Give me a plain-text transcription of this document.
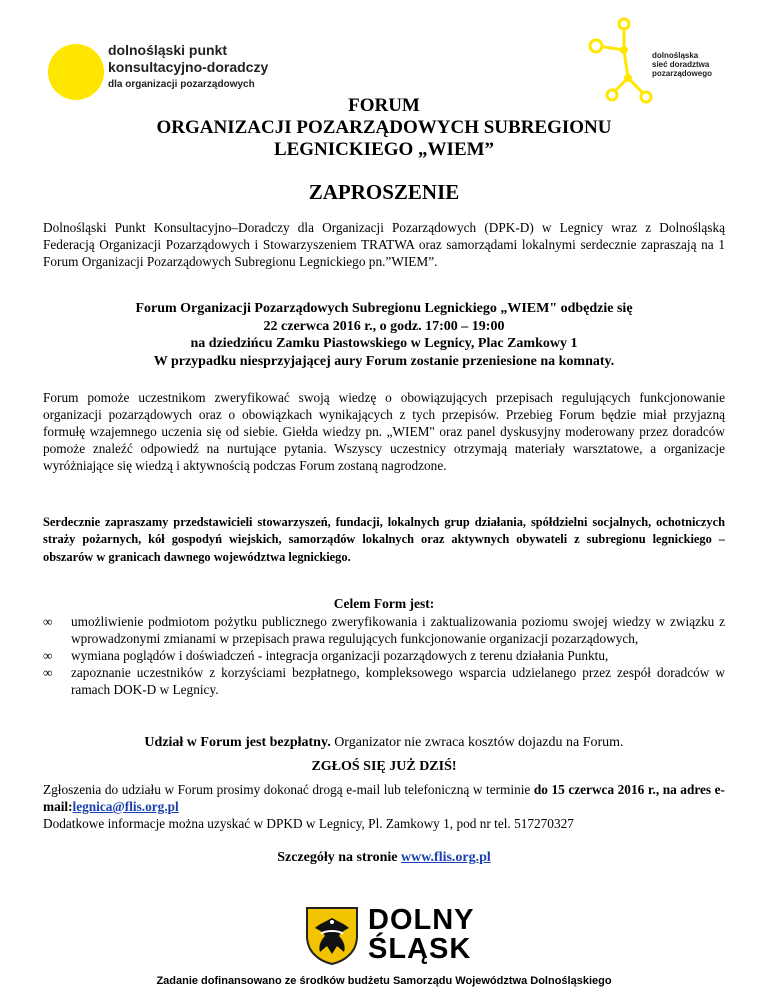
dolnośląski punkt
konsultacyjno-doradczy
dla organizacji pozarządowych
dolnośląska
sieć doradztwa
pozarządowego
FORUM
ORGANIZACJI POZARZĄDOWYCH SUBREGIONU
LEGNICKIEGO „WIEM”
ZAPROSZENIE

Dolnośląski Punkt Konsultacyjno–Doradczy dla Organizacji Pozarządowych (DPK-D) w Legnicy wraz z Dolnośląską Federacją Organizacji Pozarządowych i Stowarzyszeniem TRATWA oraz samorządami lokalnymi serdecznie zapraszają na 1 Forum Organizacji Pozarządowych Subregionu Legnickiego pn.”WIEM”.

Forum Organizacji Pozarządowych Subregionu Legnickiego „WIEM" odbędzie się
22 czerwca 2016 r., o godz. 17:00 – 19:00
na dziedzińcu Zamku Piastowskiego w Legnicy, Plac Zamkowy 1
W przypadku niesprzyjającej aury Forum zostanie przeniesione na komnaty.

Forum pomoże uczestnikom zweryfikować swoją wiedzę o obowiązujących przepisach regulujących funkcjonowanie organizacji pozarządowych oraz o obowiązkach wynikających z tych przepisów. Przebieg Forum będzie miał przyjazną formułę wzajemnego uczenia się od siebie. Giełda wiedzy pn. „WIEM" oraz panel dyskusyjny moderowany przez doradców pomoże znaleźć odpowiedź na nurtujące pytania. Wszyscy uczestnicy otrzymają materiały warsztatowe, a organizacje wyróżniające się wiedzą i aktywnością podczas Forum zostaną nagrodzone.

Serdecznie zapraszamy przedstawicieli stowarzyszeń, fundacji, lokalnych grup działania, spółdzielni socjalnych, ochotniczych straży pożarnych, kół gospodyń wiejskich, samorządów lokalnych oraz aktywnych obywateli z subregionu legnickiego – obszarów w granicach dawnego województwa legnickiego.

Celem Form jest:
∞ umożliwienie podmiotom pożytku publicznego zweryfikowania i zaktualizowania poziomu swojej wiedzy w związku z wprowadzonymi zmianami w przepisach prawa regulujących funkcjonowanie organizacji pozarządowych,
∞ wymiana poglądów i doświadczeń - integracja organizacji pozarządowych z terenu działania Punktu,
∞ zapoznanie uczestników z korzyściami bezpłatnego, kompleksowego wsparcia udzielanego przez zespół doradców w ramach DOK-D w Legnicy.
Udział w Forum jest bezpłatny. Organizator nie zwraca kosztów dojazdu na Forum.
ZGŁOŚ SIĘ JUŻ DZIŚ!
Zgłoszenia do udziału w Forum prosimy dokonać drogą e-mail lub telefoniczną w terminie do 15 czerwca 2016 r., na adres e-mail:legnica@flis.org.pl
Dodatkowe informacje można uzyskać w DPKD w Legnicy, Pl. Zamkowy 1, pod nr tel. 517270327
Szczegóły na stronie www.flis.org.pl
DOLNY
ŚLĄSK
Zadanie dofinansowano ze środków budżetu Samorządu Województwa Dolnośląskiego
